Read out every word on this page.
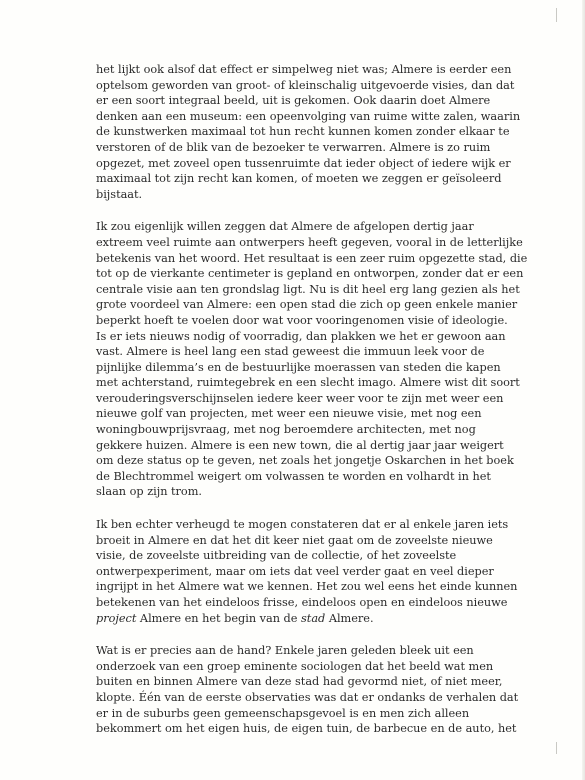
het lijkt ook alsof dat effect er simpelweg niet was; Almere is eerder een
optelsom geworden van groot- of kleinschalig uitgevoerde visies, dan dat
er een soort integraal beeld, uit is gekomen. Ook daarin doet Almere
denken aan een museum: een opeenvolging van ruime witte zalen, waarin
de kunstwerken maximaal tot hun recht kunnen komen zonder elkaar te
verstoren of de blik van de bezoeker te verwarren. Almere is zo ruim
opgezet, met zoveel open tussenruimte dat ieder object of iedere wijk er
maximaal tot zijn recht kan komen, of moeten we zeggen er geïsoleerd
bijstaat.

Ik zou eigenlijk willen zeggen dat Almere de afgelopen dertig jaar
extreem veel ruimte aan ontwerpers heeft gegeven, vooral in de letterlijke
betekenis van het woord. Het resultaat is een zeer ruim opgezette stad, die
tot op de vierkante centimeter is gepland en ontworpen, zonder dat er een
centrale visie aan ten grondslag ligt. Nu is dit heel erg lang gezien als het
grote voordeel van Almere: een open stad die zich op geen enkele manier
beperkt hoeft te voelen door wat voor vooringenomen visie of ideologie.
Is er iets nieuws nodig of voorradig, dan plakken we het er gewoon aan
vast. Almere is heel lang een stad geweest die immuun leek voor de
pijnlijke dilemma’s en de bestuurlijke moerassen van steden die kapen
met achterstand, ruimtegebrek en een slecht imago. Almere wist dit soort
verouderingsverschijnselen iedere keer weer voor te zijn met weer een
nieuwe golf van projecten, met weer een nieuwe visie, met nog een
woningbouwprijsvraag, met nog beroemdere architecten, met nog
gekkere huizen. Almere is een new town, die al dertig jaar jaar weigert
om deze status op te geven, net zoals het jongetje Oskarchen in het boek
de Blechtrommel weigert om volwassen te worden en volhardt in het
slaan op zijn trom.

Ik ben echter verheugd te mogen constateren dat er al enkele jaren iets
broeit in Almere en dat het dit keer niet gaat om de zoveelste nieuwe
visie, de zoveelste uitbreiding van de collectie, of het zoveelste
ontwerpexperiment, maar om iets dat veel verder gaat en veel dieper
ingrijpt in het Almere wat we kennen. Het zou wel eens het einde kunnen
betekenen van het eindeloos frisse, eindeloos open en eindeloos nieuwe
project Almere en het begin van de stad Almere.

Wat is er precies aan de hand? Enkele jaren geleden bleek uit een
onderzoek van een groep eminente sociologen dat het beeld wat men
buiten en binnen Almere van deze stad had gevormd niet, of niet meer,
klopte. Één van de eerste observaties was dat er ondanks de verhalen dat
er in de suburbs geen gemeenschapsgevoel is en men zich alleen
bekommert om het eigen huis, de eigen tuin, de barbecue en de auto, het
